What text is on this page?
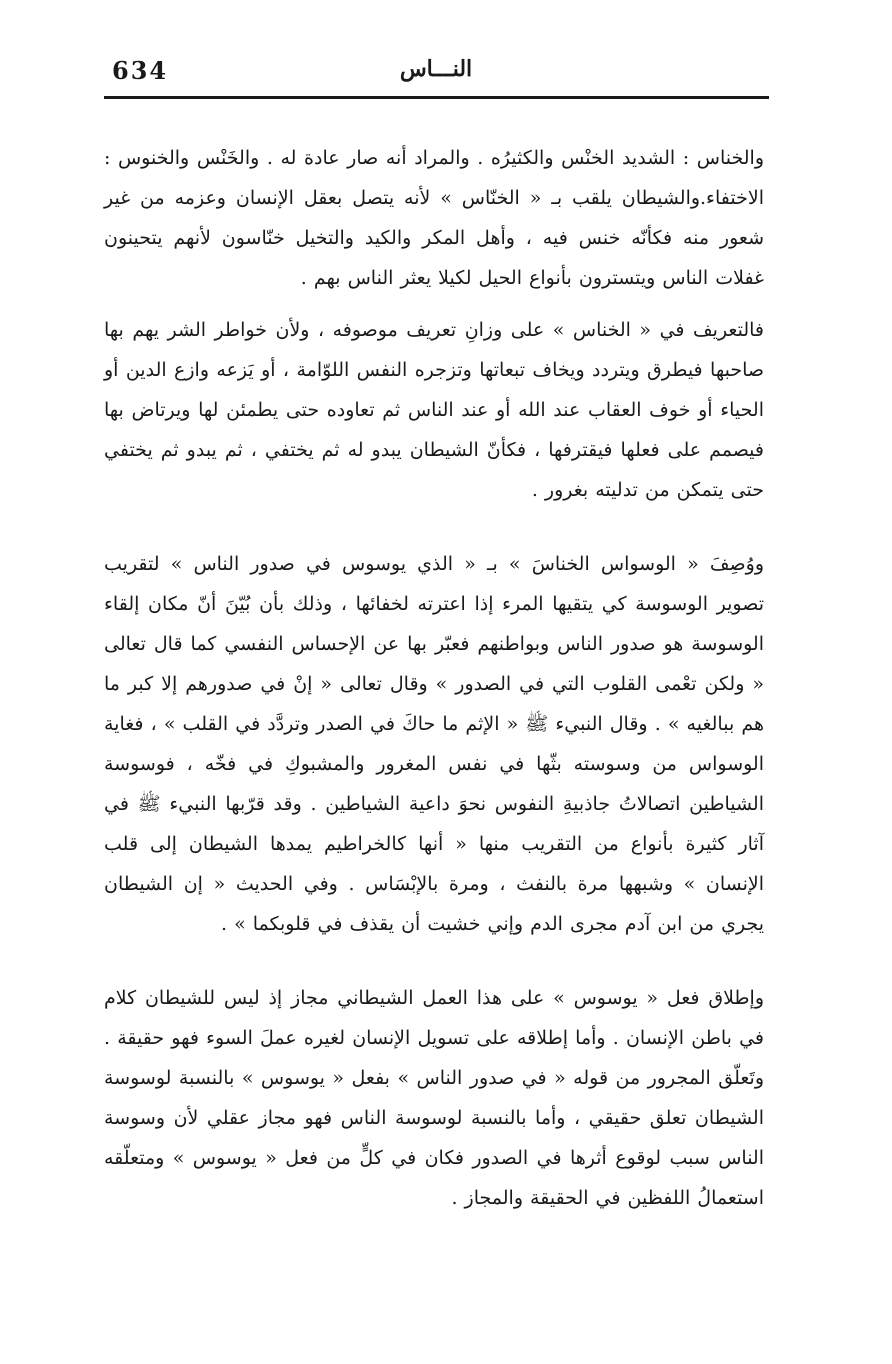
634	النـــاس

والخناس : الشديد الخنْس والكثيرُه . والمراد أنه صار عادة له . والخَنْس والخنوس : الاختفاء.والشيطان يلقب بـ « الخنّاس » لأنه يتصل بعقل الإنسان وعزمه من غير شعور منه فكأنّه خنس فيه ، وأهل المكر والكيد والتخيل خنّاسون لأنهم يتحينون غفلات الناس ويتسترون بأنواع الحيل لكيلا يعثر الناس بهم .

فالتعريف في « الخناس » على وزانِ تعريف موصوفه ، ولأن خواطر الشر يهم بها صاحبها فيطرق ويتردد ويخاف تبعاتها وتزجره النفس اللوّامة ، أو يَزعه وازع الدين أو الحياء أو خوف العقاب عند الله أو عند الناس ثم تعاوده حتى يطمئن لها ويرتاض بها فيصمم على فعلها فيقترفها ، فكأنّ الشيطان يبدو له ثم يختفي ، ثم يبدو ثم يختفي حتى يتمكن من تدليته بغرور .

ووُصِفَ « الوسواس الخناسَ » بـ « الذي يوسوس في صدور الناس » لتقريب تصوير الوسوسة كي يتقيها المرء إذا اعترته لخفائها ، وذلك بأن بُيّنَ أنّ مكان إلقاء الوسوسة هو صدور الناس وبواطنهم فعبّر بها عن الإحساس النفسي كما قال تعالى « ولكن تعْمى القلوب التي في الصدور » وقال تعالى « إنْ في صدورهم إلا كبر ما هم ببالغيه » . وقال النبيء ﷺ « الإثم ما حاكَ في الصدر وتردَّد في القلب » ، فغاية الوسواس من وسوسته بثّها في نفس المغرور والمشبوكِ في فخّه ، فوسوسة الشياطين اتصالاتُ جاذبيةِ النفوس نحوَ داعية الشياطين . وقد قرّبها النبيء ﷺ في آثار كثيرة بأنواع من التقريب منها « أنها كالخراطيم يمدها الشيطان إلى قلب الإنسان » وشبهها مرة بالنفث ، ومرة بالإبْسَاس . وفي الحديث « إن الشيطان يجري من ابن آدم مجرى الدم وإني خشيت أن يقذف في قلوبكما » .

وإطلاق فعل « يوسوس » على هذا العمل الشيطاني مجاز إذ ليس للشيطان كلام في باطن الإنسان . وأما إطلاقه على تسويل الإنسان لغيره عملَ السوء فهو حقيقة . وتَعلّق المجرور من قوله « في صدور الناس » بفعل « يوسوس » بالنسبة لوسوسة الشيطان تعلق حقيقي ، وأما بالنسبة لوسوسة الناس فهو مجاز عقلي لأن وسوسة الناس سبب لوقوع أثرها في الصدور فكان في كلٍّ من فعل « يوسوس » ومتعلّقه استعمالُ اللفظين في الحقيقة والمجاز .
